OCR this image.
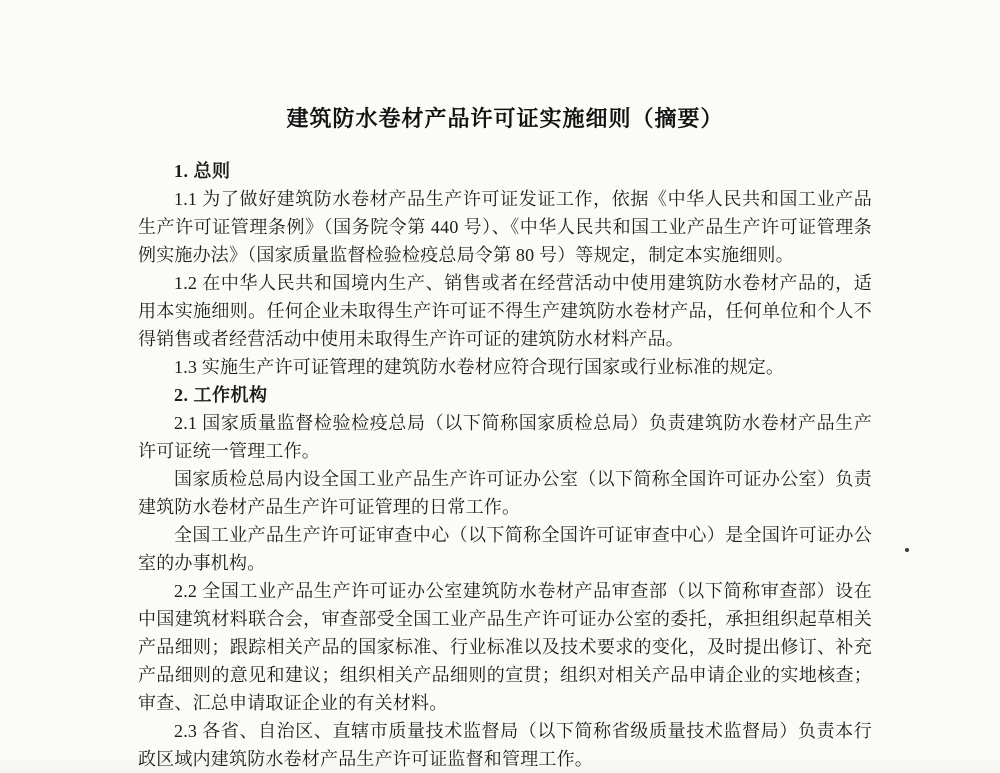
建筑防水卷材产品许可证实施细则（摘要）

1. 总则

1.1 为了做好建筑防水卷材产品生产许可证发证工作，依据《中华人民共和国工业产品生产许可证管理条例》（国务院令第 440 号）、《中华人民共和国工业产品生产许可证管理条例实施办法》（国家质量监督检验检疫总局令第 80 号）等规定，制定本实施细则。

1.2 在中华人民共和国境内生产、销售或者在经营活动中使用建筑防水卷材产品的，适用本实施细则。任何企业未取得生产许可证不得生产建筑防水卷材产品，任何单位和个人不得销售或者经营活动中使用未取得生产许可证的建筑防水材料产品。

1.3 实施生产许可证管理的建筑防水卷材应符合现行国家或行业标准的规定。

2. 工作机构

2.1 国家质量监督检验检疫总局（以下简称国家质检总局）负责建筑防水卷材产品生产许可证统一管理工作。

国家质检总局内设全国工业产品生产许可证办公室（以下简称全国许可证办公室）负责建筑防水卷材产品生产许可证管理的日常工作。

全国工业产品生产许可证审查中心（以下简称全国许可证审查中心）是全国许可证办公室的办事机构。

2.2 全国工业产品生产许可证办公室建筑防水卷材产品审查部（以下简称审查部）设在中国建筑材料联合会，审查部受全国工业产品生产许可证办公室的委托，承担组织起草相关产品细则；跟踪相关产品的国家标准、行业标准以及技术要求的变化，及时提出修订、补充产品细则的意见和建议；组织相关产品细则的宣贯；组织对相关产品申请企业的实地核查；审查、汇总申请取证企业的有关材料。

2.3 各省、自治区、直辖市质量技术监督局（以下简称省级质量技术监督局）负责本行政区域内建筑防水卷材产品生产许可证监督和管理工作。
